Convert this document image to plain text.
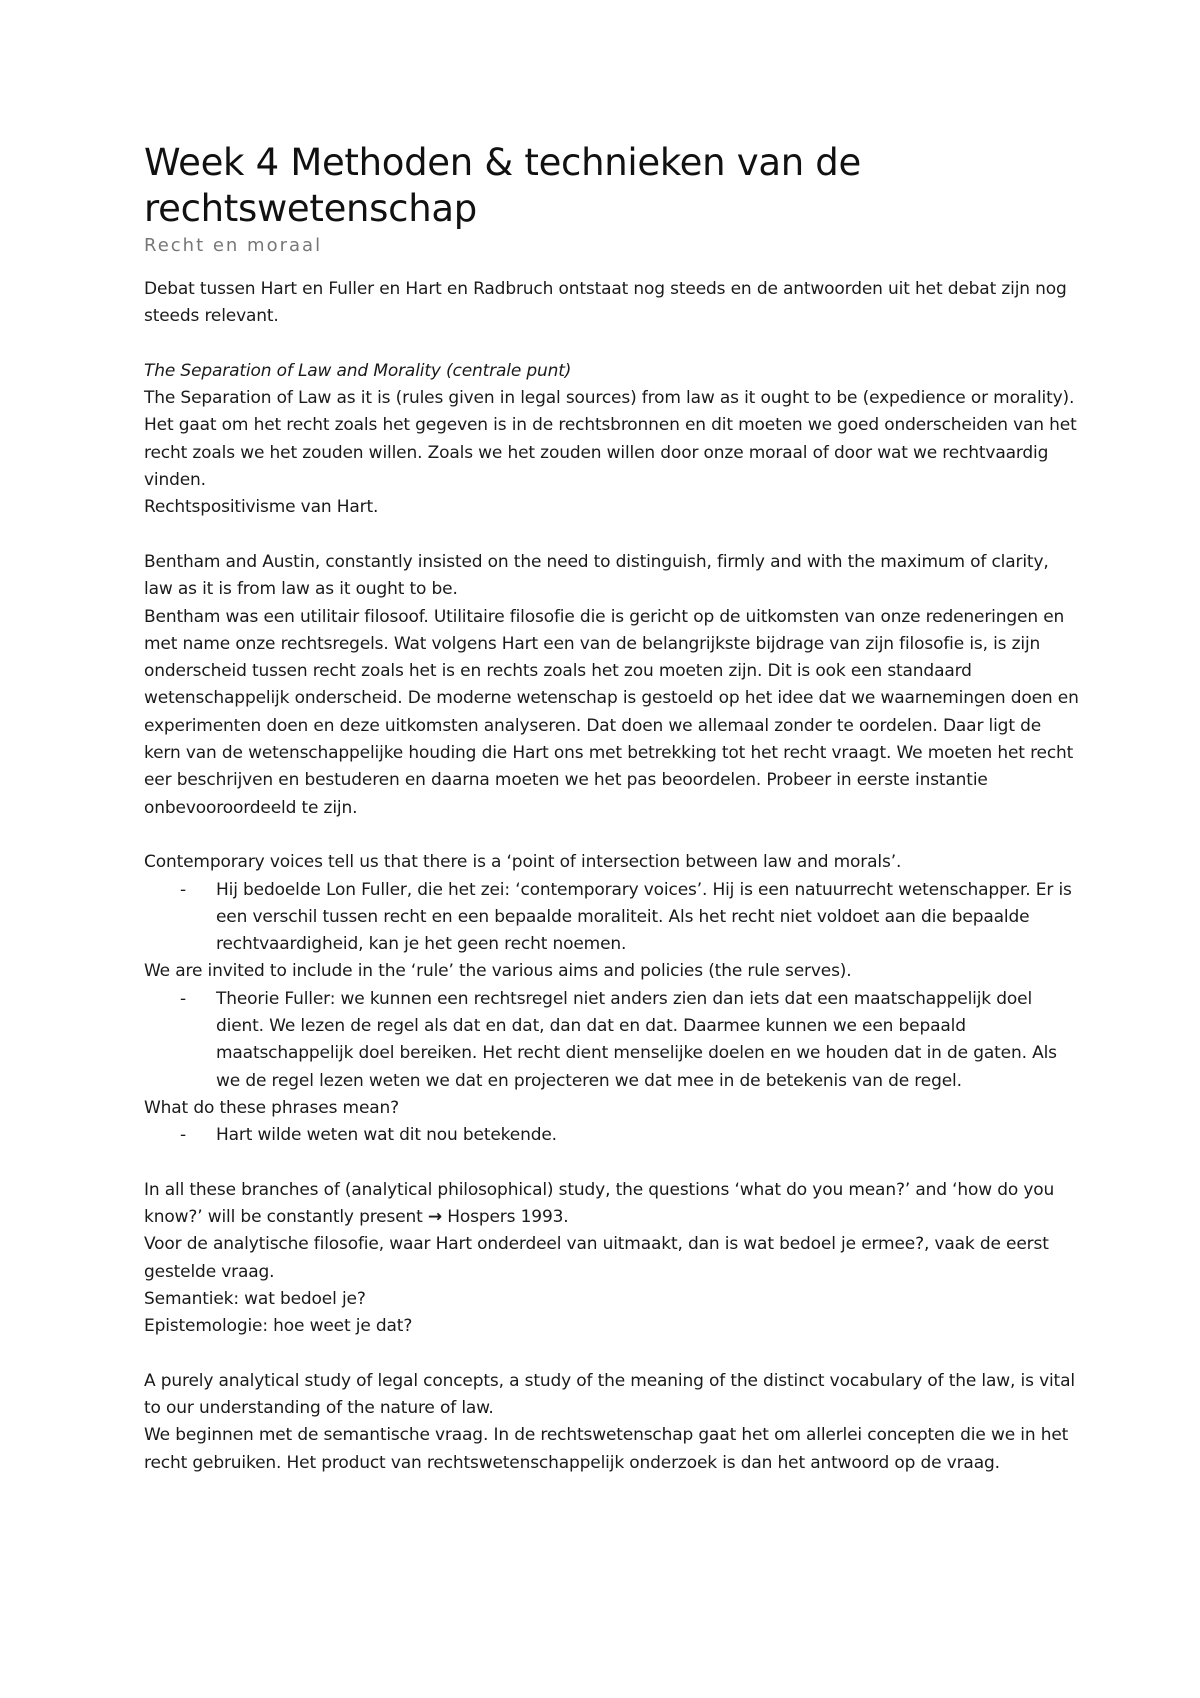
Week 4 Methoden & technieken van de rechtswetenschap
Recht en moraal

Debat tussen Hart en Fuller en Hart en Radbruch ontstaat nog steeds en de antwoorden uit het debat zijn nog steeds relevant.

The Separation of Law and Morality (centrale punt)

The Separation of Law as it is (rules given in legal sources) from law as it ought to be (expedience or morality).

Het gaat om het recht zoals het gegeven is in de rechtsbronnen en dit moeten we goed onderscheiden van het recht zoals we het zouden willen. Zoals we het zouden willen door onze moraal of door wat we rechtvaardig vinden.

Rechtspositivisme van Hart.

Bentham and Austin, constantly insisted on the need to distinguish, firmly and with the maximum of clarity, law as it is from law as it ought to be.

Bentham was een utilitair filosoof. Utilitaire filosofie die is gericht op de uitkomsten van onze redeneringen en met name onze rechtsregels. Wat volgens Hart een van de belangrijkste bijdrage van zijn filosofie is, is zijn onderscheid tussen recht zoals het is en rechts zoals het zou moeten zijn. Dit is ook een standaard wetenschappelijk onderscheid. De moderne wetenschap is gestoeld op het idee dat we waarnemingen doen en experimenten doen en deze uitkomsten analyseren. Dat doen we allemaal zonder te oordelen. Daar ligt de kern van de wetenschappelijke houding die Hart ons met betrekking tot het recht vraagt. We moeten het recht eer beschrijven en bestuderen en daarna moeten we het pas beoordelen. Probeer in eerste instantie onbevooroordeeld te zijn.

Contemporary voices tell us that there is a ‘point of intersection between law and morals’.

- Hij bedoelde Lon Fuller, die het zei: ‘contemporary voices’. Hij is een natuurrecht wetenschapper. Er is een verschil tussen recht en een bepaalde moraliteit. Als het recht niet voldoet aan die bepaalde rechtvaardigheid, kan je het geen recht noemen.

We are invited to include in the ‘rule’ the various aims and policies (the rule serves).

- Theorie Fuller: we kunnen een rechtsregel niet anders zien dan iets dat een maatschappelijk doel dient. We lezen de regel als dat en dat, dan dat en dat. Daarmee kunnen we een bepaald maatschappelijk doel bereiken. Het recht dient menselijke doelen en we houden dat in de gaten. Als we de regel lezen weten we dat en projecteren we dat mee in de betekenis van de regel.

What do these phrases mean?

- Hart wilde weten wat dit nou betekende.

In all these branches of (analytical philosophical) study, the questions ‘what do you mean?’ and ‘how do you know?’ will be constantly present → Hospers 1993.

Voor de analytische filosofie, waar Hart onderdeel van uitmaakt, dan is wat bedoel je ermee?, vaak de eerst gestelde vraag.

Semantiek: wat bedoel je?

Epistemologie: hoe weet je dat?

A purely analytical study of legal concepts, a study of the meaning of the distinct vocabulary of the law, is vital to our understanding of the nature of law.

We beginnen met de semantische vraag. In de rechtswetenschap gaat het om allerlei concepten die we in het recht gebruiken. Het product van rechtswetenschappelijk onderzoek is dan het antwoord op de vraag.
